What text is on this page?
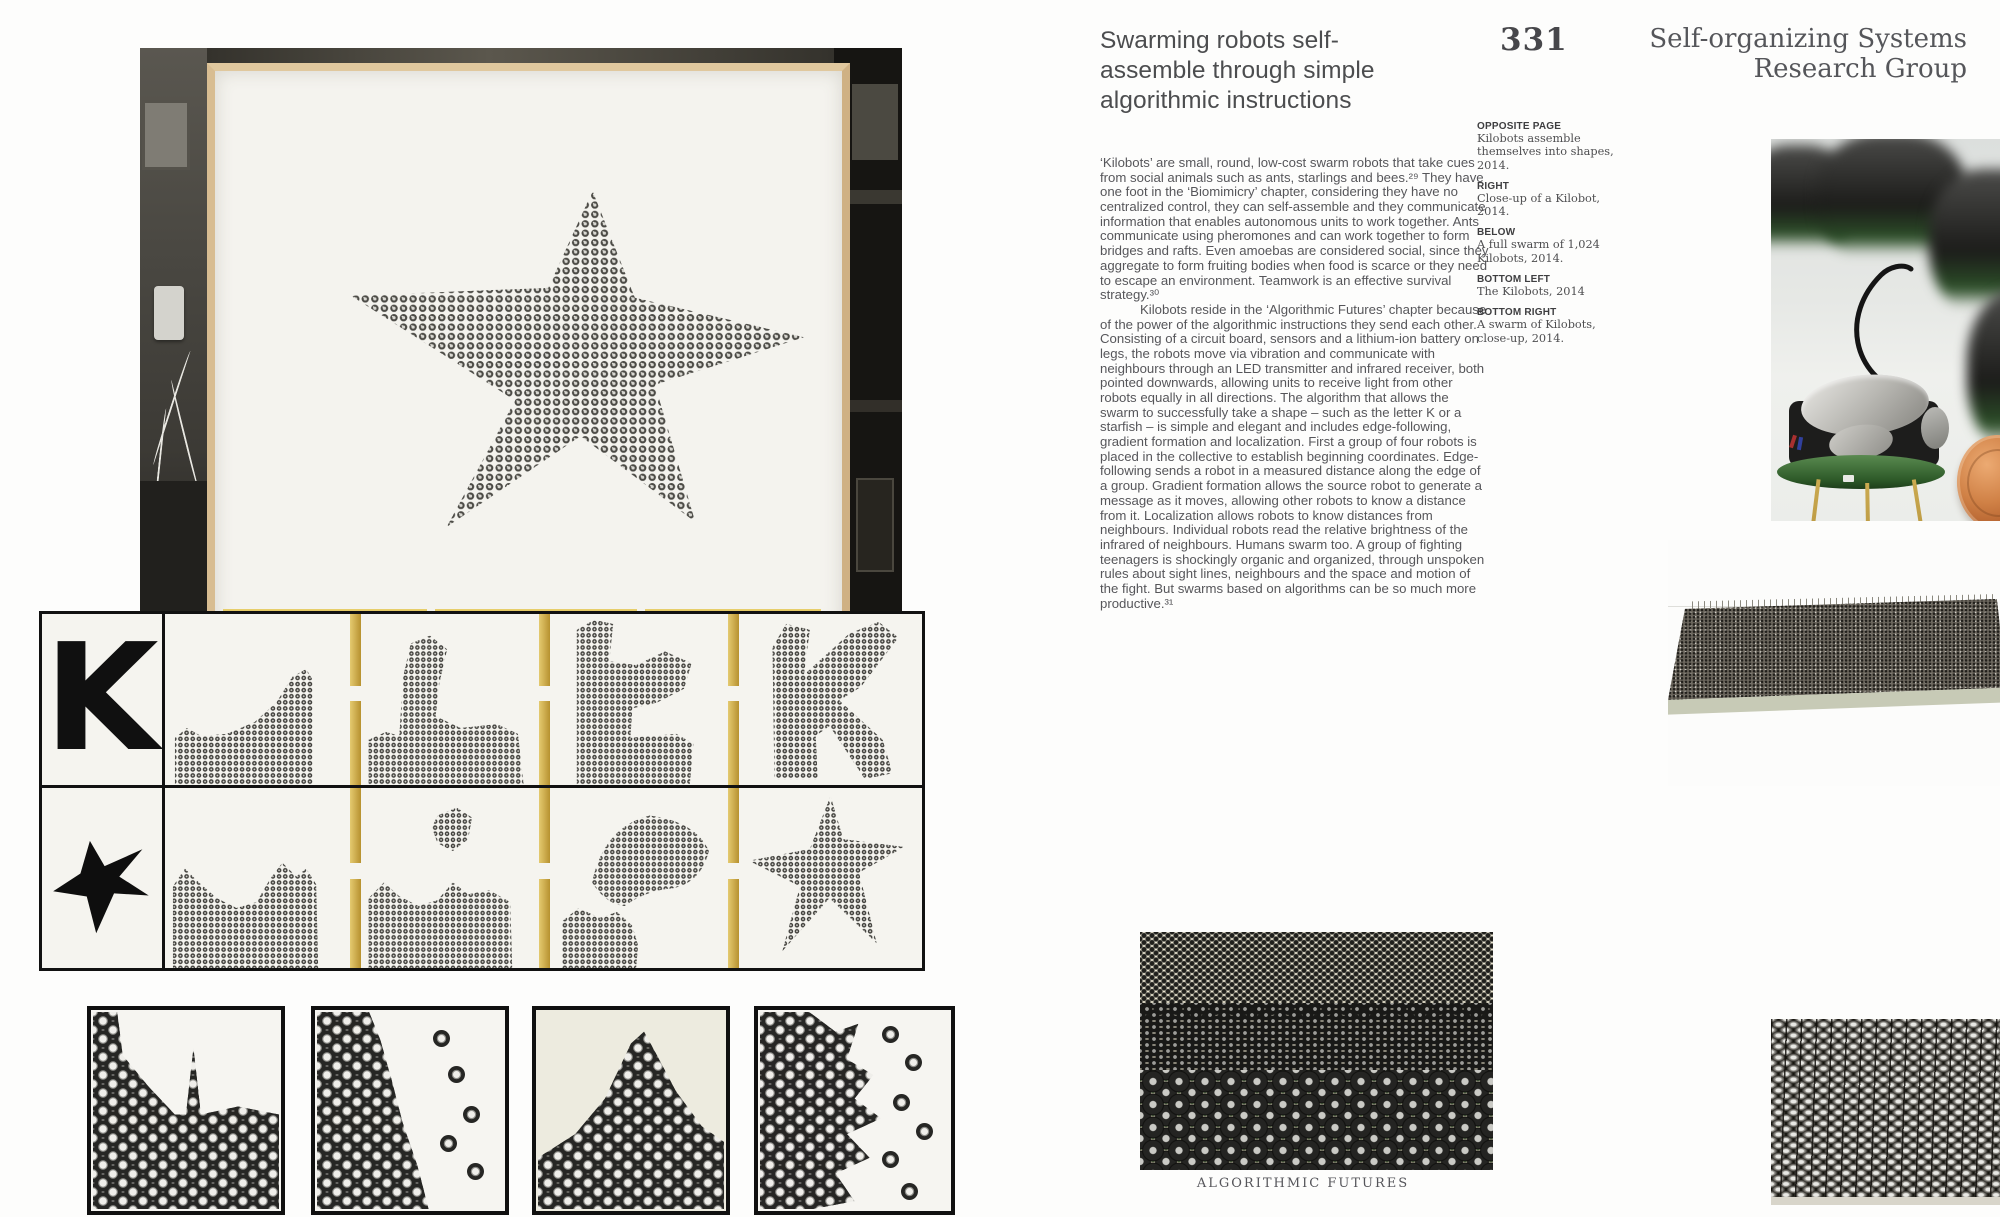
K
Swarming robots self-
assemble through simple
algorithmic instructions
331	Self-organizing Systems
Research Group

‘Kilobots’ are small, round, low-cost swarm robots that take cues from social animals such as ants, starlings and bees.²⁹ They have one foot in the ‘Biomimicry’ chapter, considering they have no centralized control, they can self-assemble and they communicate information that enables autonomous units to work together. Ants communicate using pheromones and can work together to form bridges and rafts. Even amoebas are considered social, since they aggregate to form fruiting bodies when food is scarce or they need to escape an environment. Teamwork is an effective survival strategy.³⁰

Kilobots reside in the ‘Algorithmic Futures’ chapter because of the power of the algorithmic instructions they send each other. Consisting of a circuit board, sensors and a lithium-ion battery on legs, the robots move via vibration and communicate with neighbours through an LED transmitter and infrared receiver, both pointed downwards, allowing units to receive light from other robots equally in all directions. The algorithm that allows the swarm to successfully take a shape – such as the letter K or a starfish – is simple and elegant and includes edge-following, gradient formation and localization. First a group of four robots is placed in the collective to establish beginning coordinates. Edge-following sends a robot in a measured distance along the edge of a group. Gradient formation allows the source robot to generate a message as it moves, allowing other robots to know a distance from it. Localization allows robots to know distances from neighbours. Individual robots read the relative brightness of the infrared of neighbours. Humans swarm too. A group of fighting teenagers is shockingly organic and organized, through unspoken rules about sight lines, neighbours and the space and motion of the fight. But swarms based on algorithms can be so much more productive.³¹

OPPOSITE PAGE
Kilobots assemble themselves into shapes, 2014.
RIGHT
Close-up of a Kilobot, 2014.
BELOW
A full swarm of 1,024 Kilobots, 2014.
BOTTOM LEFT
The Kilobots, 2014
BOTTOM RIGHT
A swarm of Kilobots, close-up, 2014.
ALGORITHMIC FUTURES
